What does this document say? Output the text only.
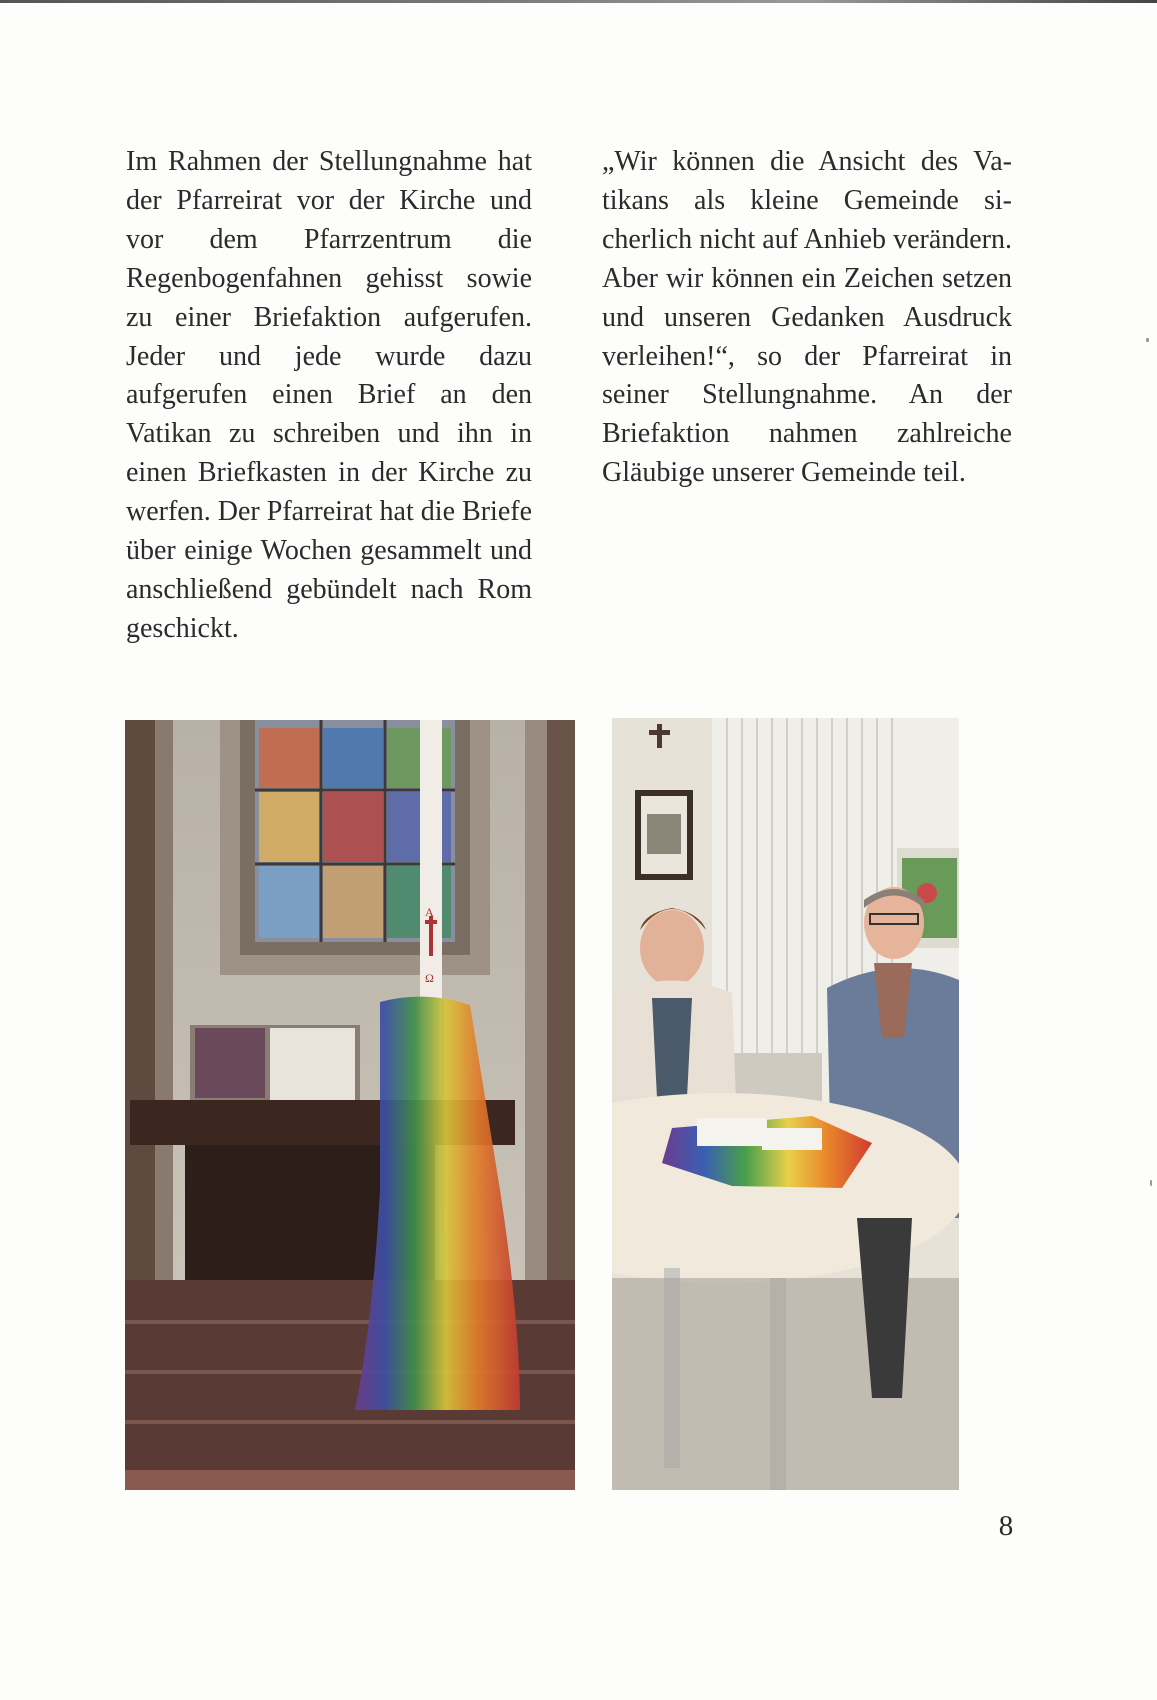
Im Rahmen der Stellungnahme hat der Pfarreirat vor der Kirche und vor dem Pfarrzentrum die Regenbogenfahnen gehisst sowie zu einer Briefaktion aufgerufen. Jeder und jede wurde dazu aufgerufen einen Brief an den Vatikan zu schreiben und ihn in einen Briefkasten in der Kirche zu werfen. Der Pfarreirat hat die Briefe über einige Wochen gesammelt und anschließend gebündelt nach Rom geschickt.

„Wir können die Ansicht des Vatikans als kleine Gemeinde sicherlich nicht auf Anhieb verändern. Aber wir können ein Zeichen setzen und unseren Gedanken Ausdruck verleihen!“, so der Pfarreirat in seiner Stellungnahme. An der Briefaktion nahmen zahlreiche Gläubige unserer Gemeinde teil.

A
Ω
8
